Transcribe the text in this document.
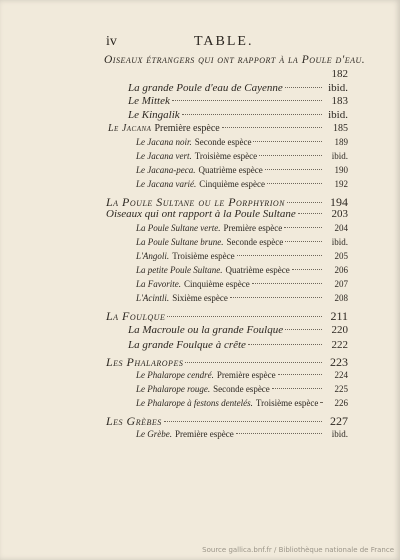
iv	TABLE.
Oiseaux étrangers qui ont rapport à la Poule d'eau.
182
La grande Poule d'eau de Cayenne	ibid.
Le Mittek	183
Le Kingalik	ibid.
Le Jacana Première espèce	185
Le Jacana noir. Seconde espèce	189
Le Jacana vert. Troisième espèce	ibid.
Le Jacana-peca. Quatrième espèce	190
Le Jacana varié. Cinquième espèce	192
La Poule Sultane ou le Porphyrion	194
Oiseaux qui ont rapport à la Poule Sultane	203
La Poule Sultane verte. Première espèce	204
La Poule Sultane brune. Seconde espèce	ibid.
L'Angoli. Troisième espèce	205
La petite Poule Sultane. Quatrième espèce	206
La Favorite. Cinquième espèce	207
L'Acintli. Sixième espèce	208
La Foulque	211
La Macroule ou la grande Foulque	220
La grande Foulque à crête	222
Les Phalaropes	223
Le Phalarope cendré. Première espèce	224
Le Phalarope rouge. Seconde espèce	225
Le Phalarope à festons dentelés. Troisième espèce	226
Les Grèbes	227
Le Grèbe. Première espèce	ibid.
Source gallica.bnf.fr / Bibliothèque nationale de France
